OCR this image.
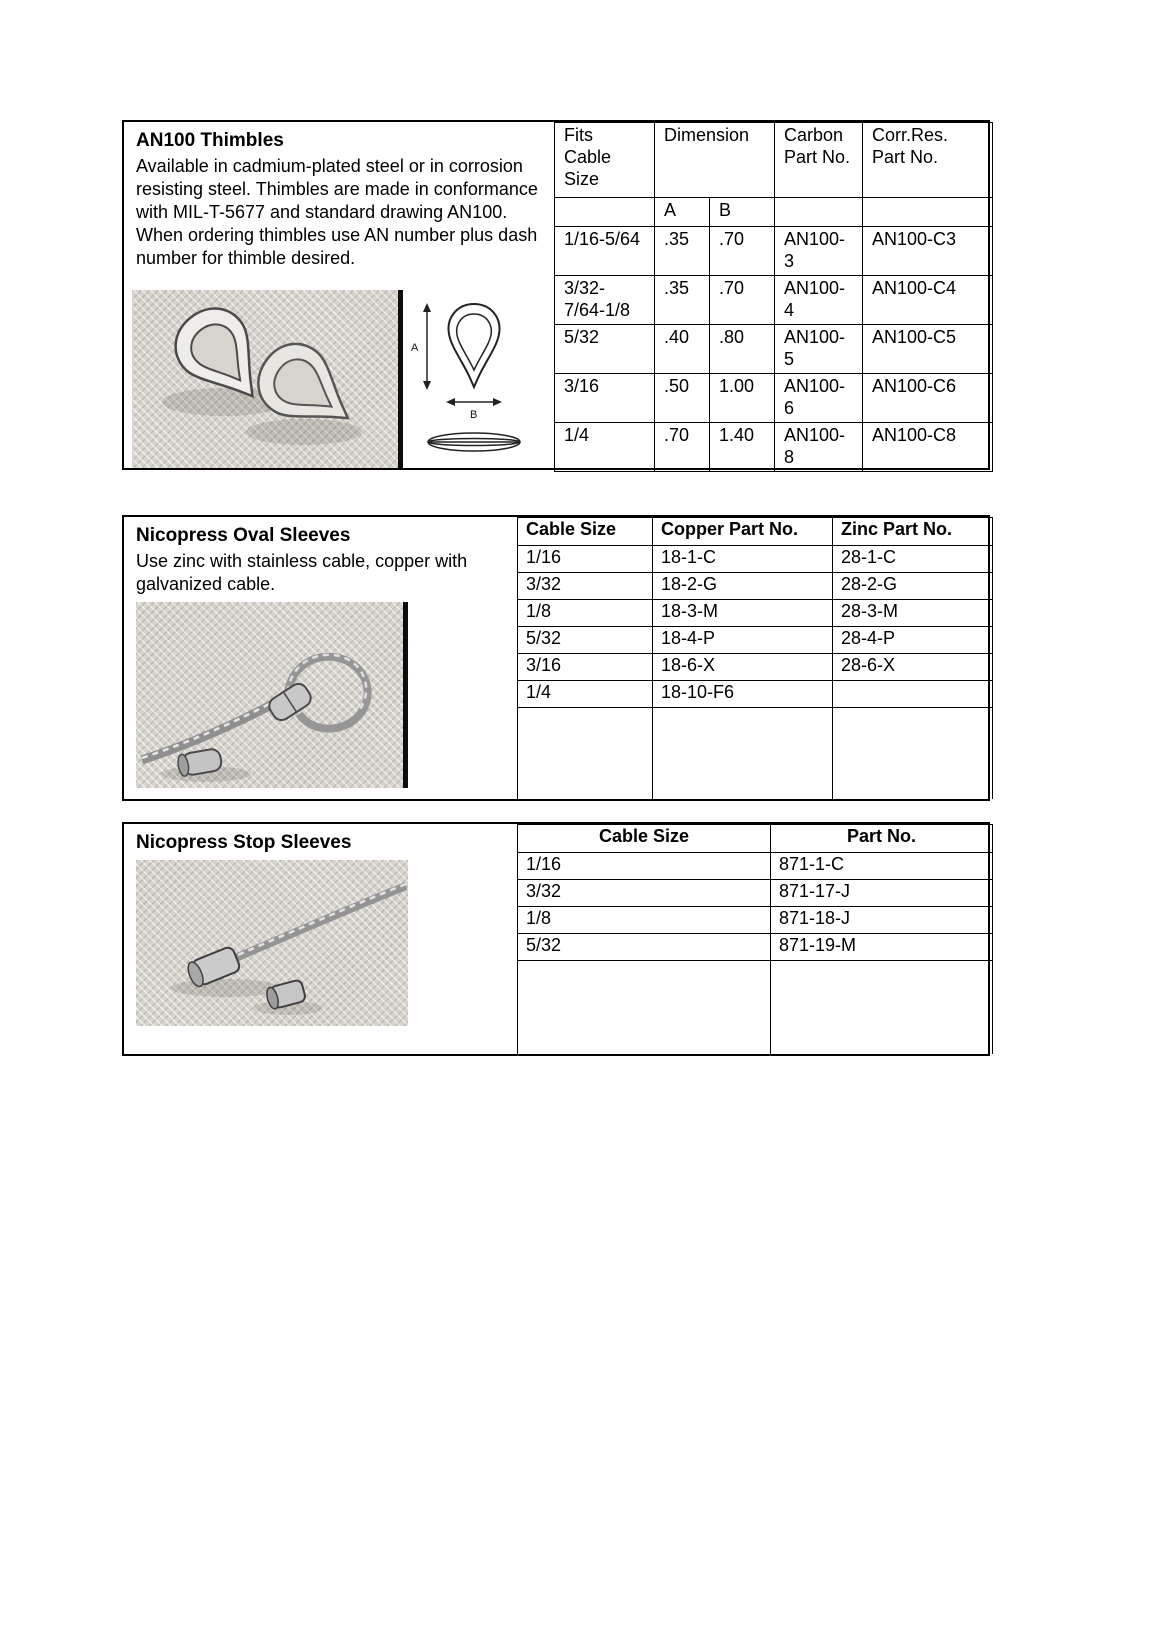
AN100 Thimbles
Available in cadmium-plated steel or in corrosion resisting steel. Thimbles are made in conformance with MIL-T-5677 and standard drawing AN100. When ordering thimbles use AN number plus dash number for thimble desired.
A
B
Fits Cable Size	Dimension		Carbon Part No.	Corr.Res. Part No.
	A	B		
1/16-5/64	.35	.70	AN100-3	AN100-C3
3/32-7/64-1/8	.35	.70	AN100-4	AN100-C4
5/32	.40	.80	AN100-5	AN100-C5
3/16	.50	1.00	AN100-6	AN100-C6
1/4	.70	1.40	AN100-8	AN100-C8
Nicopress Oval Sleeves
Use zinc with stainless cable, copper with galvanized cable.
Cable Size	Copper Part No.	Zinc Part No.
1/16	18-1-C	28-1-C
3/32	18-2-G	28-2-G
1/8	18-3-M	28-3-M
5/32	18-4-P	28-4-P
3/16	18-6-X	28-6-X
1/4	18-10-F6	

Nicopress Stop Sleeves	Cable Size	Part No.
1/16	871-1-C
3/32	871-17-J
1/8	871-18-J
5/32	871-19-M
